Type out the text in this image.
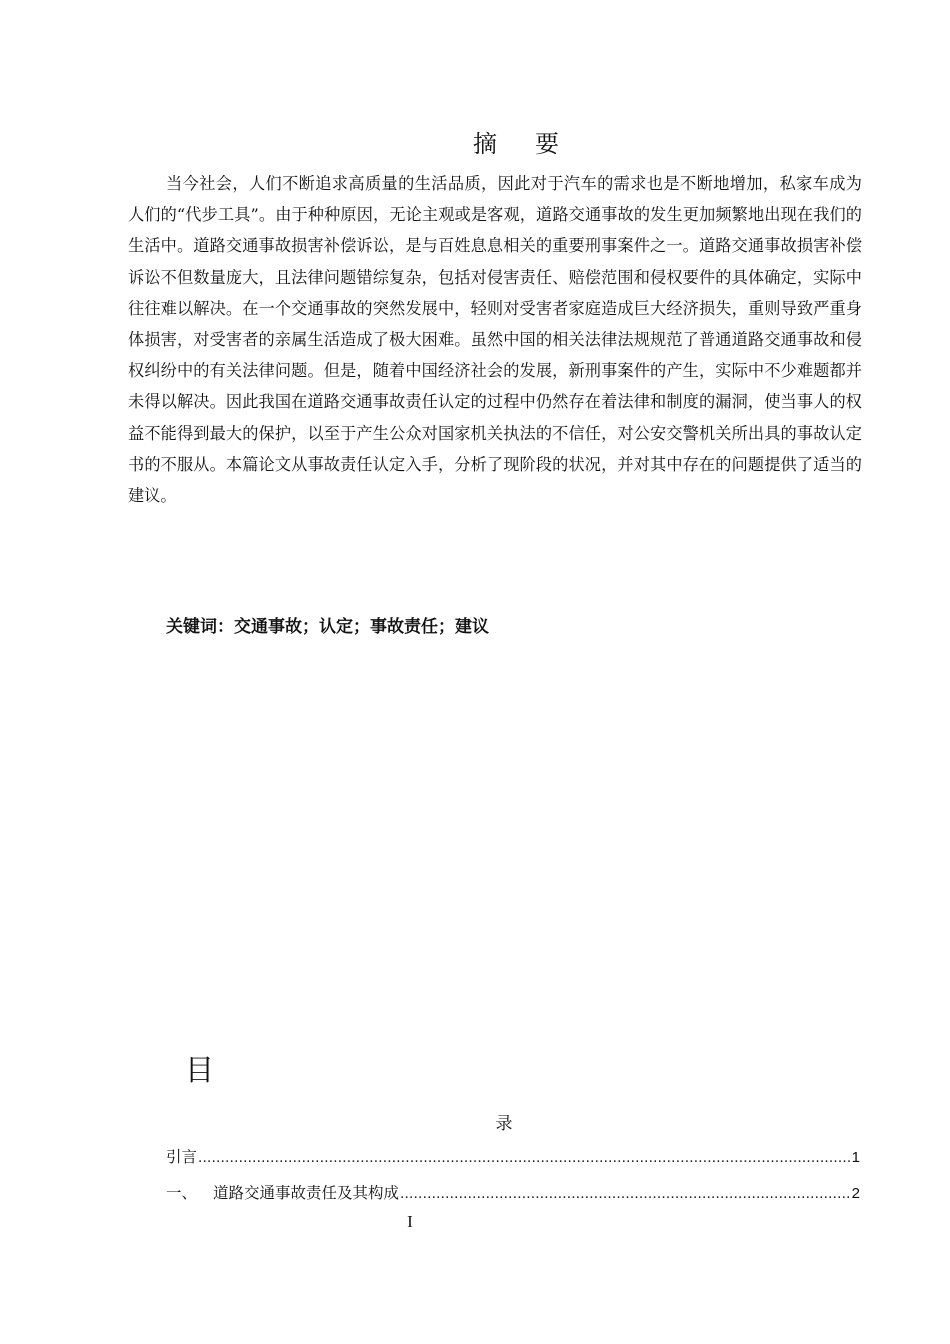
摘 要

当今社会，人们不断追求高质量的生活品质，因此对于汽车的需求也是不断地增加，私家车成为人们的“代步工具”。由于种种原因，无论主观或是客观，道路交通事故的发生更加频繁地出现在我们的生活中。道路交通事故损害补偿诉讼，是与百姓息息相关的重要刑事案件之一。道路交通事故损害补偿诉讼不但数量庞大，且法律问题错综复杂，包括对侵害责任、赔偿范围和侵权要件的具体确定，实际中往往难以解决。在一个交通事故的突然发展中，轻则对受害者家庭造成巨大经济损失，重则导致严重身体损害，对受害者的亲属生活造成了极大困难。虽然中国的相关法律法规规范了普通道路交通事故和侵权纠纷中的有关法律问题。但是，随着中国经济社会的发展，新刑事案件的产生，实际中不少难题都并未得以解决。因此我国在道路交通事故责任认定的过程中仍然存在着法律和制度的漏洞，使当事人的权益不能得到最大的保护，以至于产生公众对国家机关执法的不信任，对公安交警机关所出具的事故认定书的不服从。本篇论文从事故责任认定入手，分析了现阶段的状况，并对其中存在的问题提供了适当的建议。

关键词：交通事故；认定；事故责任；建议
目
录
引言 .....	1
一、 道路交通事故责任及其构成 .....	2
I
